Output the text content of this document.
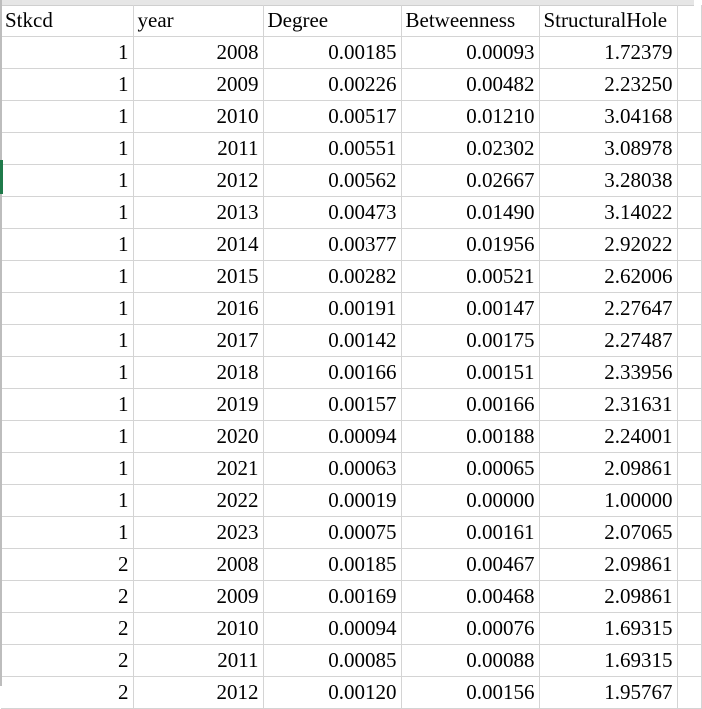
Stkcd	year	Degree	Betweenness	StructuralHole	
1	2008	0.00185	0.00093	1.72379	
1	2009	0.00226	0.00482	2.23250	
1	2010	0.00517	0.01210	3.04168	
1	2011	0.00551	0.02302	3.08978	
1	2012	0.00562	0.02667	3.28038	
1	2013	0.00473	0.01490	3.14022	
1	2014	0.00377	0.01956	2.92022	
1	2015	0.00282	0.00521	2.62006	
1	2016	0.00191	0.00147	2.27647	
1	2017	0.00142	0.00175	2.27487	
1	2018	0.00166	0.00151	2.33956	
1	2019	0.00157	0.00166	2.31631	
1	2020	0.00094	0.00188	2.24001	
1	2021	0.00063	0.00065	2.09861	
1	2022	0.00019	0.00000	1.00000	
1	2023	0.00075	0.00161	2.07065	
2	2008	0.00185	0.00467	2.09861	
2	2009	0.00169	0.00468	2.09861	
2	2010	0.00094	0.00076	1.69315	
2	2011	0.00085	0.00088	1.69315	
2	2012	0.00120	0.00156	1.95767	
